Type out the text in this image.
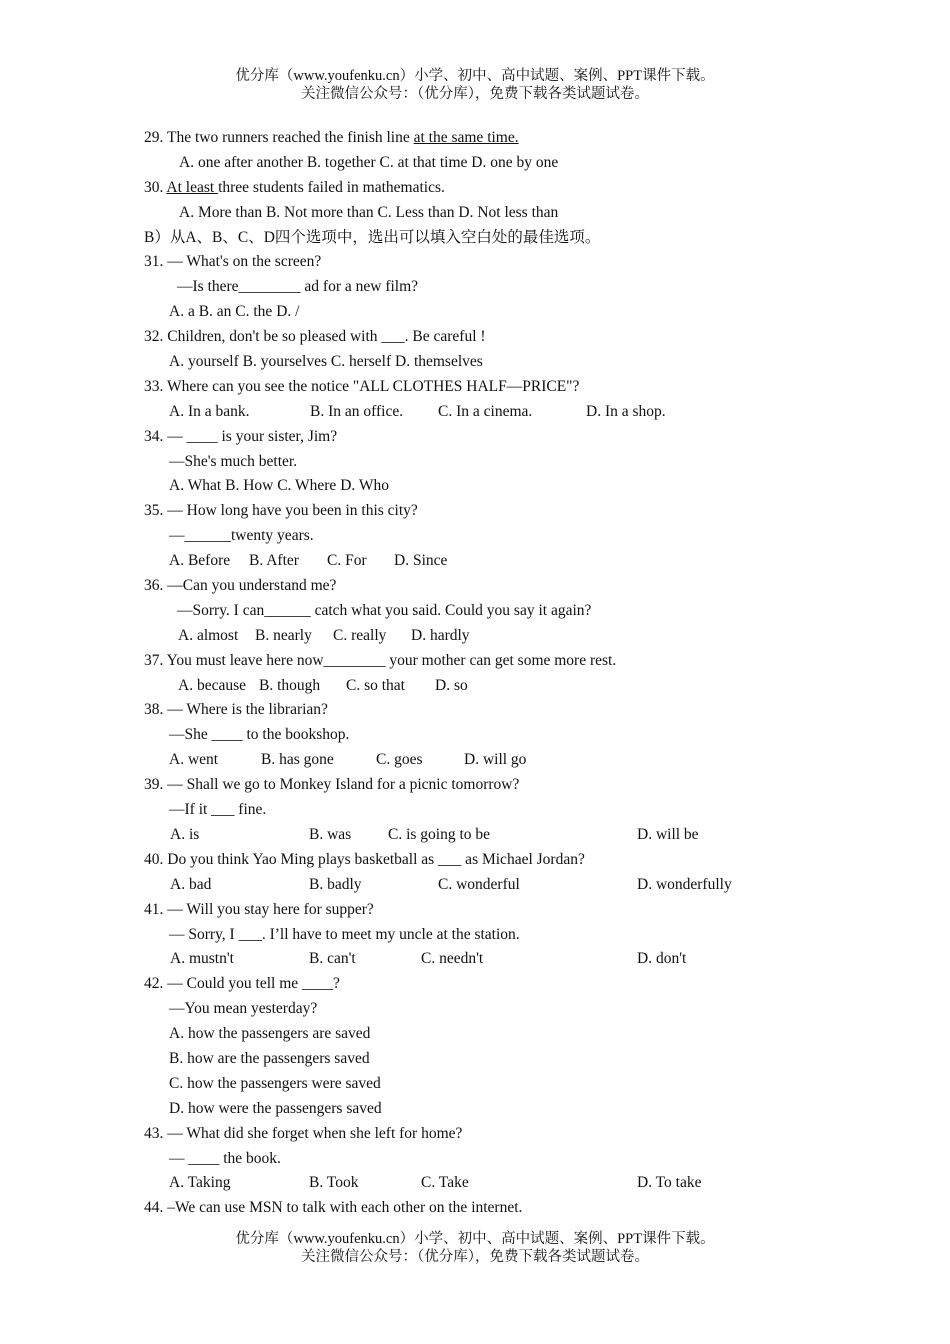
优分库（www.youfenku.cn）小学、初中、高中试题、案例、PPT课件下载。
关注微信公众号：（优分库），免费下载各类试题试卷。
29. The two runners reached the finish line at the same time.
A. one after another B. together C. at that time D. one by one
30. At least three students failed in mathematics.
A. More than B. Not more than C. Less than D. Not less than
B）从A、B、C、D四个选项中，选出可以填入空白处的最佳选项。
31. — What's on the screen?
—Is there________ ad for a new film?
A. a B. an C. the D. /
32. Children, don't be so pleased with ___. Be careful !
A. yourself B. yourselves C. herself D. themselves
33. Where can you see the notice "ALL CLOTHES HALF—PRICE"?
A. In a bank.	B. In an office. C. In a cinema.	D. In a shop.
34. — ____ is your sister, Jim?
—She's much better.
A. What B. How C. Where D. Who
35. — How long have you been in this city?
—______twenty years.
A. Before B. After C. For D. Since
36. —Can you understand me?
—Sorry. I can______ catch what you said. Could you say it again?
A. almost B. nearly C. really D. hardly
37. You must leave here now________ your mother can get some more rest.
A. because B. though C. so that D. so
38. — Where is the librarian?
—She ____ to the bookshop.
A. went	B. has gone	C. goes	D. will go
39. — Shall we go to Monkey Island for a picnic tomorrow?
—If it ___ fine.
A. is	B. was C. is going to be	D. will be
40. Do you think Yao Ming plays basketball as ___ as Michael Jordan?
A. bad	B. badly	C. wonderful	D. wonderfully
41. — Will you stay here for supper?
— Sorry, I ___. I’ll have to meet my uncle at the station.
A. mustn't	B. can't	C. needn't	D. don't
42. — Could you tell me ____?
—You mean yesterday?
A. how the passengers are saved
B. how are the passengers saved
C. how the passengers were saved
D. how were the passengers saved
43. — What did she forget when she left for home?
— ____ the book.
A. Taking	B. Took	C. Take	D. To take
44. –We can use MSN to talk with each other on the internet.
优分库（www.youfenku.cn）小学、初中、高中试题、案例、PPT课件下载。
关注微信公众号：（优分库），免费下载各类试题试卷。
